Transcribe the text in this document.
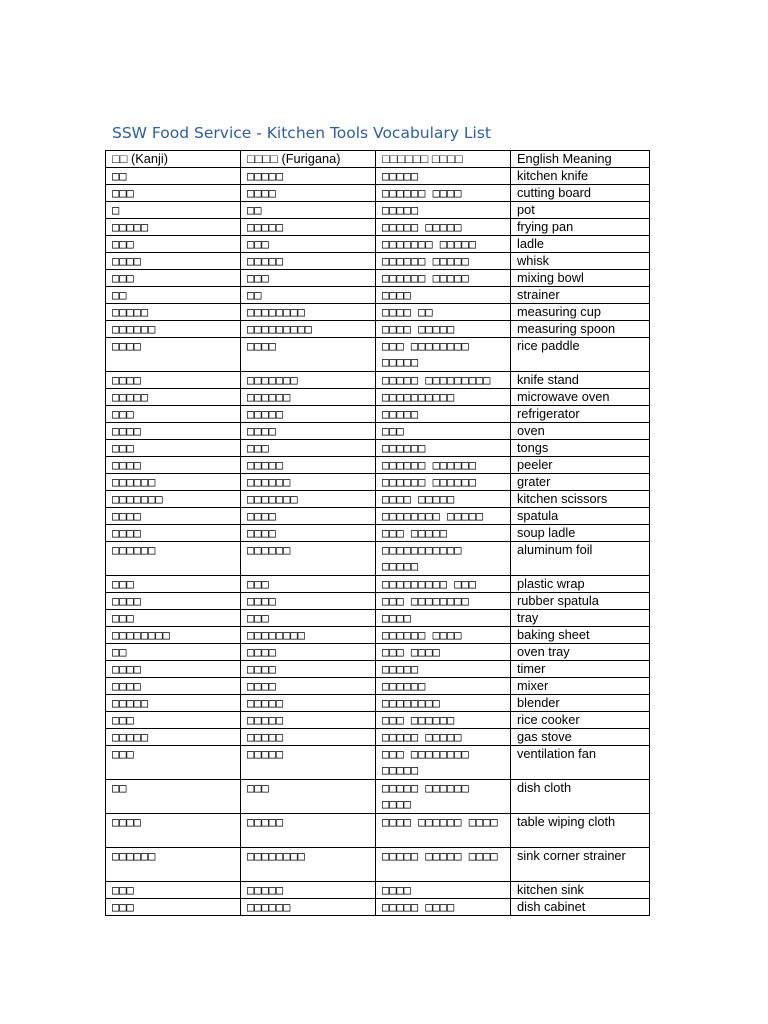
SSW Food Service - Kitchen Tools Vocabulary List
□□ (Kanji)	□□□□ (Furigana)	□□□□□□ □□□□	English Meaning
□□	□□□□□	□□□□□	kitchen knife
□□□	□□□□	□□□□□□ □□□□	cutting board
□	□□	□□□□□	pot
□□□□□	□□□□□	□□□□□ □□□□□	frying pan
□□□	□□□	□□□□□□□ □□□□□	ladle
□□□□	□□□□□	□□□□□□ □□□□□	whisk
□□□	□□□	□□□□□□ □□□□□	mixing bowl
□□	□□	□□□□	strainer
□□□□□	□□□□□□□□	□□□□ □□	measuring cup
□□□□□□	□□□□□□□□□	□□□□ □□□□□	measuring spoon
□□□□	□□□□	□□□ □□□□□□□□ □□□□□	rice paddle
□□□□	□□□□□□□	□□□□□ □□□□□□□□□	knife stand
□□□□□	□□□□□□	□□□□□□□□□□	microwave oven
□□□	□□□□□	□□□□□	refrigerator
□□□□	□□□□	□□□	oven
□□□	□□□	□□□□□□	tongs
□□□□	□□□□□	□□□□□□ □□□□□□	peeler
□□□□□□	□□□□□□	□□□□□□ □□□□□□	grater
□□□□□□□	□□□□□□□	□□□□ □□□□□	kitchen scissors
□□□□	□□□□	□□□□□□□□ □□□□□	spatula
□□□□	□□□□	□□□ □□□□□	soup ladle
□□□□□□	□□□□□□	□□□□□□□□□□□ □□□□□	aluminum foil
□□□	□□□	□□□□□□□□□ □□□	plastic wrap
□□□□	□□□□	□□□ □□□□□□□□	rubber spatula
□□□	□□□	□□□□	tray
□□□□□□□□	□□□□□□□□	□□□□□□ □□□□	baking sheet
□□	□□□□	□□□ □□□□	oven tray
□□□□	□□□□	□□□□□	timer
□□□□	□□□□	□□□□□□	mixer
□□□□□	□□□□□	□□□□□□□□	blender
□□□	□□□□□	□□□ □□□□□□	rice cooker
□□□□□	□□□□□	□□□□□ □□□□□	gas stove
□□□	□□□□□	□□□ □□□□□□□□ □□□□□	ventilation fan
□□	□□□	□□□□□ □□□□□□ □□□□	dish cloth
□□□□	□□□□□	□□□□ □□□□□□ □□□□	table wiping cloth
□□□□□□	□□□□□□□□	□□□□□ □□□□□ □□□□	sink corner strainer
□□□	□□□□□	□□□□	kitchen sink
□□□	□□□□□□	□□□□□ □□□□	dish cabinet
